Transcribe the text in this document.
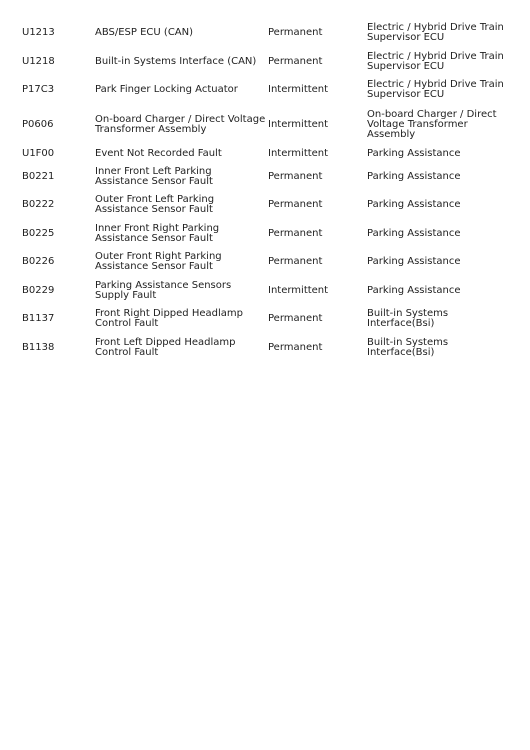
U1213	ABS/ESP ECU (CAN)	Permanent	Electric / Hybrid Drive Train Supervisor ECU
U1218	Built-in Systems Interface (CAN)	Permanent	Electric / Hybrid Drive Train Supervisor ECU
P17C3	Park Finger Locking Actuator	Intermittent	Electric / Hybrid Drive Train Supervisor ECU
P0606	On-board Charger / Direct Voltage Transformer Assembly	Intermittent	On-board Charger / Direct Voltage Transformer Assembly
U1F00	Event Not Recorded Fault	Intermittent	Parking Assistance
B0221	Inner Front Left Parking Assistance Sensor Fault	Permanent	Parking Assistance
B0222	Outer Front Left Parking Assistance Sensor Fault	Permanent	Parking Assistance
B0225	Inner Front Right Parking Assistance Sensor Fault	Permanent	Parking Assistance
B0226	Outer Front Right Parking Assistance Sensor Fault	Permanent	Parking Assistance
B0229	Parking Assistance Sensors Supply Fault	Intermittent	Parking Assistance
B1137	Front Right Dipped Headlamp Control Fault	Permanent	Built-in Systems Interface(Bsi)
B1138	Front Left Dipped Headlamp Control Fault	Permanent	Built-in Systems Interface(Bsi)
